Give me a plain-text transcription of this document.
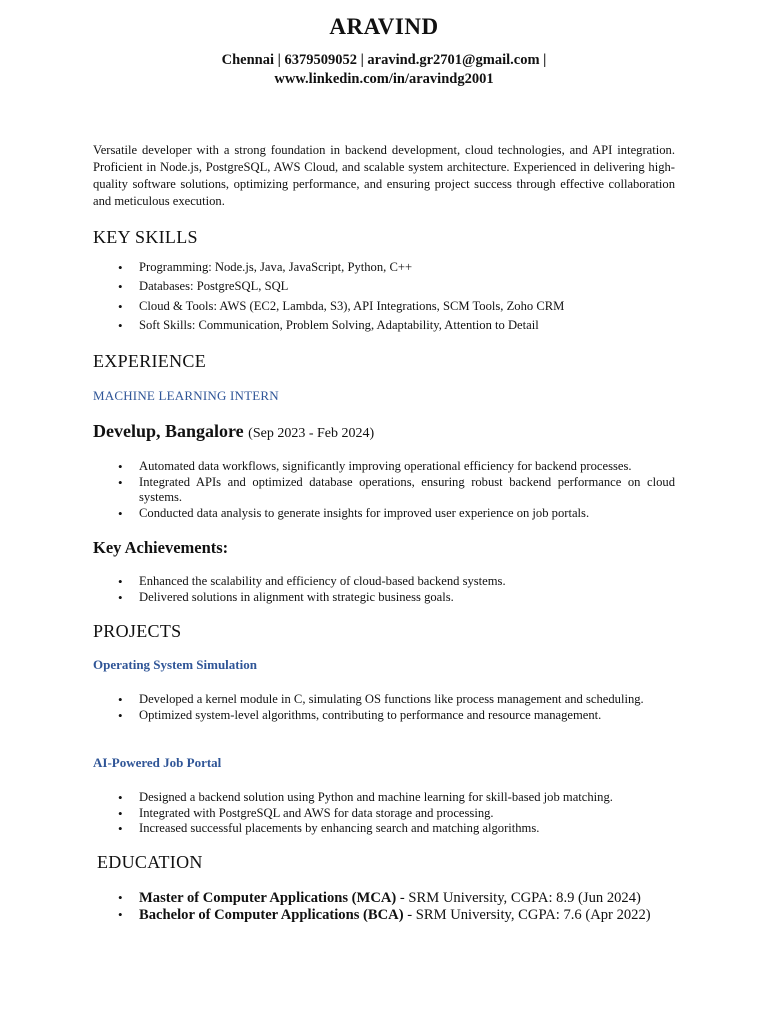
ARAVIND
Chennai | 6379509052 | aravind.gr2701@gmail.com |
www.linkedin.com/in/aravindg2001
Versatile developer with a strong foundation in backend development, cloud technologies, and API integration. Proficient in Node.js, PostgreSQL, AWS Cloud, and scalable system architecture. Experienced in delivering high-quality software solutions, optimizing performance, and ensuring project success through effective collaboration and meticulous execution.
KEY SKILLS
• Programming: Node.js, Java, JavaScript, Python, C++
• Databases: PostgreSQL, SQL
• Cloud & Tools: AWS (EC2, Lambda, S3), API Integrations, SCM Tools, Zoho CRM
• Soft Skills: Communication, Problem Solving, Adaptability, Attention to Detail
EXPERIENCE
MACHINE LEARNING INTERN
Develup, Bangalore (Sep 2023 - Feb 2024)
• Automated data workflows, significantly improving operational efficiency for backend processes.
• Integrated APIs and optimized database operations, ensuring robust backend performance on cloud systems.
• Conducted data analysis to generate insights for improved user experience on job portals.
Key Achievements:
• Enhanced the scalability and efficiency of cloud-based backend systems.
• Delivered solutions in alignment with strategic business goals.
PROJECTS
Operating System Simulation
• Developed a kernel module in C, simulating OS functions like process management and scheduling.
• Optimized system-level algorithms, contributing to performance and resource management.
AI-Powered Job Portal
• Designed a backend solution using Python and machine learning for skill-based job matching.
• Integrated with PostgreSQL and AWS for data storage and processing.
• Increased successful placements by enhancing search and matching algorithms.
EDUCATION
• Master of Computer Applications (MCA) - SRM University, CGPA: 8.9 (Jun 2024)
• Bachelor of Computer Applications (BCA) - SRM University, CGPA: 7.6 (Apr 2022)
